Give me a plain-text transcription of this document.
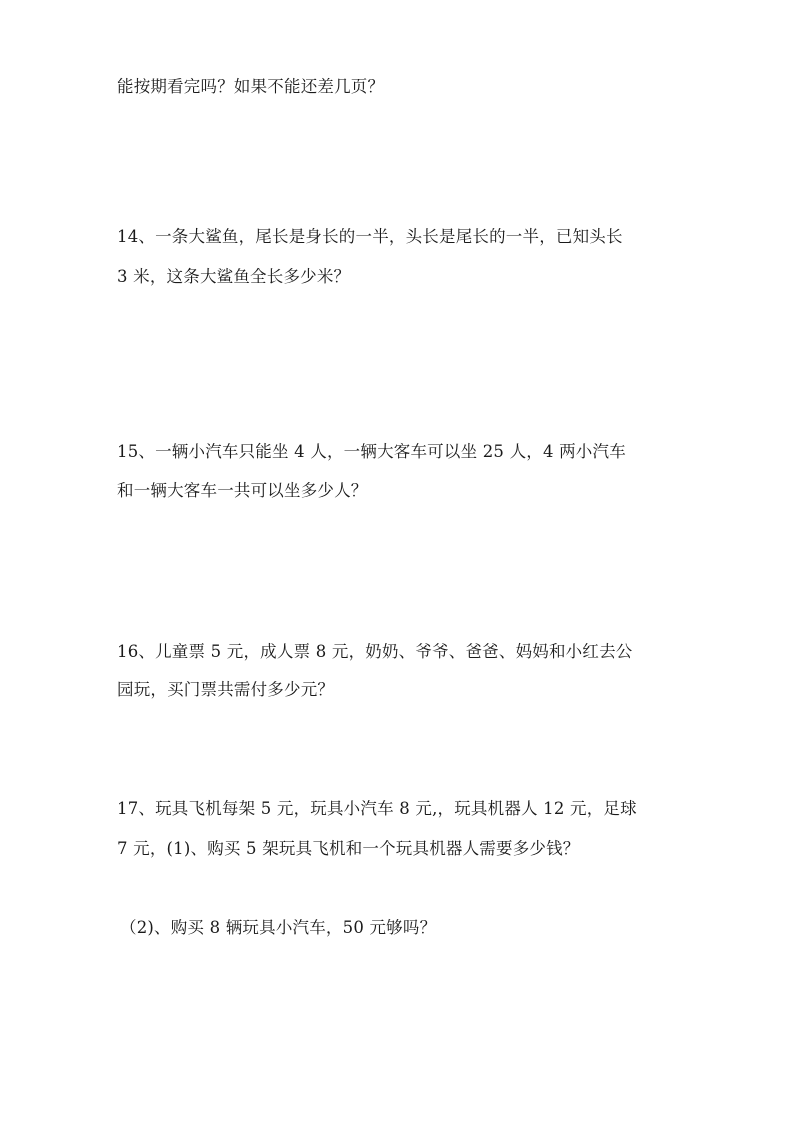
能按期看完吗？如果不能还差几页？
14、一条大鲨鱼，尾长是身长的一半，头长是尾长的一半，已知头长
3 米，这条大鲨鱼全长多少米？
15、一辆小汽车只能坐 4 人，一辆大客车可以坐 25 人，4 两小汽车
和一辆大客车一共可以坐多少人？
16、儿童票 5 元，成人票 8 元，奶奶、爷爷、爸爸、妈妈和小红去公
园玩，买门票共需付多少元？
17、玩具飞机每架 5 元，玩具小汽车 8 元,，玩具机器人 12 元，足球
7 元，(1)、购买 5 架玩具飞机和一个玩具机器人需要多少钱？
（2)、购买 8 辆玩具小汽车，50 元够吗？
